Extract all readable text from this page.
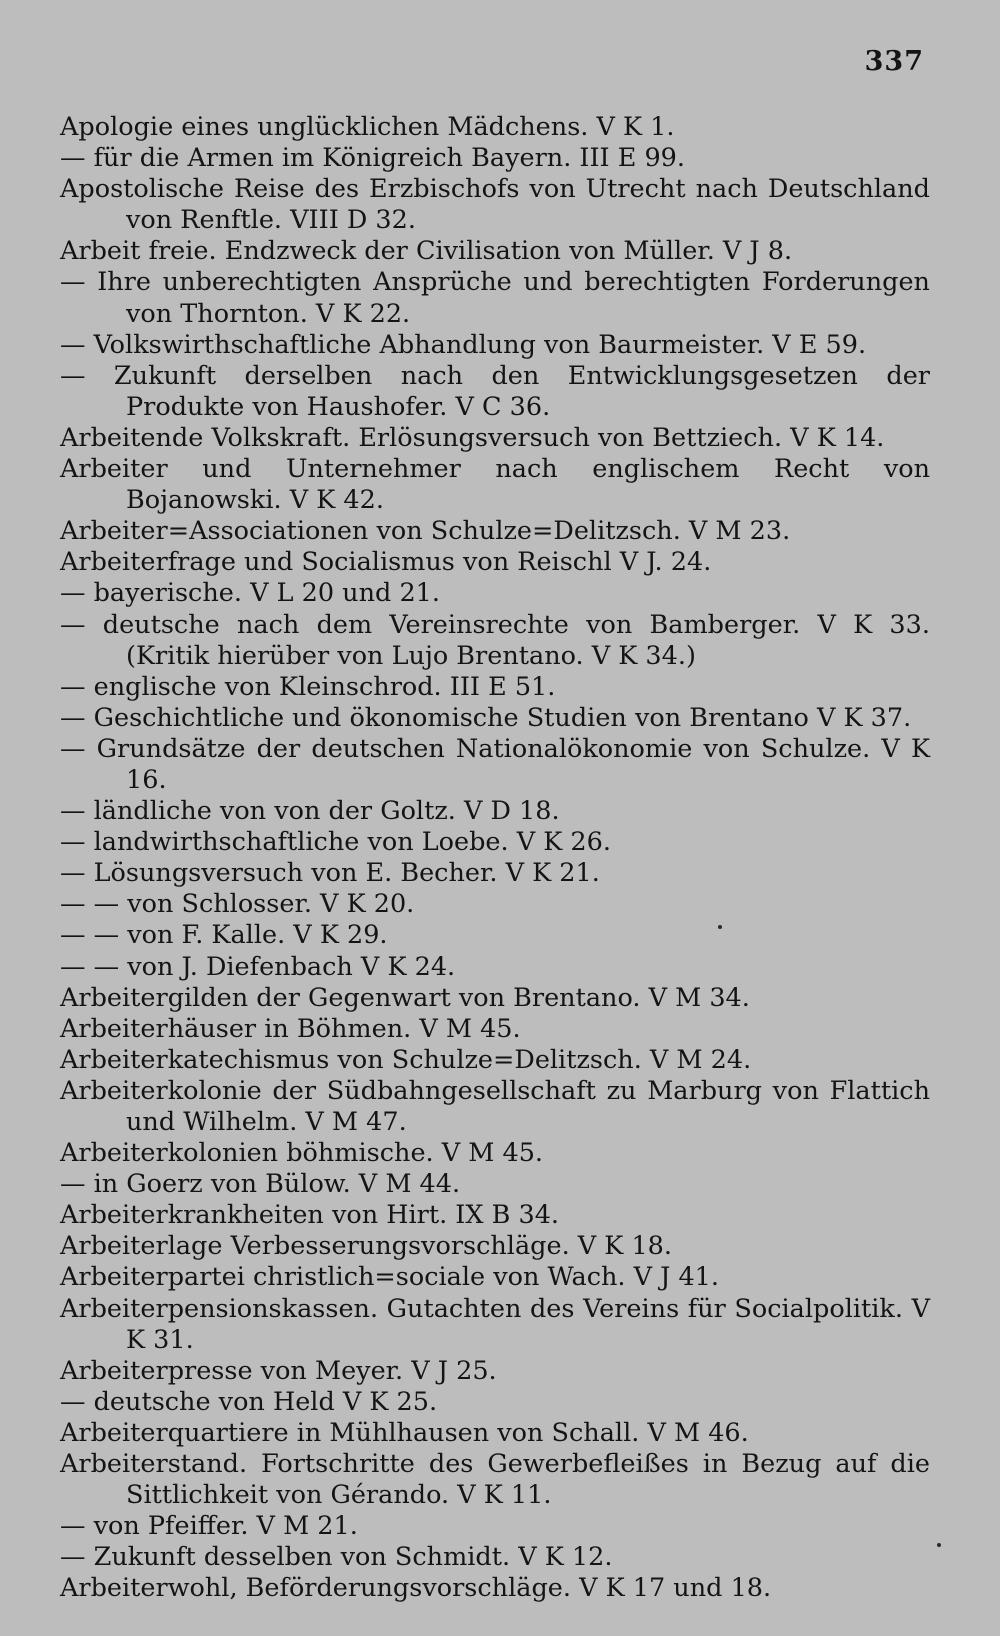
337
Apologie eines unglücklichen Mädchens. V K 1.
— für die Armen im Königreich Bayern. III E 99.
Apostolische Reise des Erzbischofs von Utrecht nach Deutschland von Renftle. VIII D 32.
Arbeit freie. Endzweck der Civilisation von Müller. V J 8.
— Ihre unberechtigten Ansprüche und berechtigten Forderungen von Thornton. V K 22.
— Volkswirthschaftliche Abhandlung von Baurmeister. V E 59.
— Zukunft derselben nach den Entwicklungsgesetzen der Produkte von Haushofer. V C 36.
Arbeitende Volkskraft. Erlösungsversuch von Bettziech. V K 14.
Arbeiter und Unternehmer nach englischem Recht von Bojanowski. V K 42.
Arbeiter=Associationen von Schulze=Delitzsch. V M 23.
Arbeiterfrage und Socialismus von Reischl V J. 24.
— bayerische. V L 20 und 21.
— deutsche nach dem Vereinsrechte von Bamberger. V K 33. (Kritik hierüber von Lujo Brentano. V K 34.)
— englische von Kleinschrod. III E 51.
— Geschichtliche und ökonomische Studien von Brentano V K 37.
— Grundsätze der deutschen Nationalökonomie von Schulze. V K 16.
— ländliche von von der Goltz. V D 18.
— landwirthschaftliche von Loebe. V K 26.
— Lösungsversuch von E. Becher. V K 21.
— — von Schlosser. V K 20.
— — von F. Kalle. V K 29.
— — von J. Diefenbach V K 24.
Arbeitergilden der Gegenwart von Brentano. V M 34.
Arbeiterhäuser in Böhmen. V M 45.
Arbeiterkatechismus von Schulze=Delitzsch. V M 24.
Arbeiterkolonie der Südbahngesellschaft zu Marburg von Flattich und Wilhelm. V M 47.
Arbeiterkolonien böhmische. V M 45.
— in Goerz von Bülow. V M 44.
Arbeiterkrankheiten von Hirt. IX B 34.
Arbeiterlage Verbesserungsvorschläge. V K 18.
Arbeiterpartei christlich=sociale von Wach. V J 41.
Arbeiterpensionskassen. Gutachten des Vereins für Socialpolitik. V K 31.
Arbeiterpresse von Meyer. V J 25.
— deutsche von Held V K 25.
Arbeiterquartiere in Mühlhausen von Schall. V M 46.
Arbeiterstand. Fortschritte des Gewerbefleißes in Bezug auf die Sittlichkeit von Gérando. V K 11.
— von Pfeiffer. V M 21.
— Zukunft desselben von Schmidt. V K 12.
Arbeiterwohl, Beförderungsvorschläge. V K 17 und 18.
